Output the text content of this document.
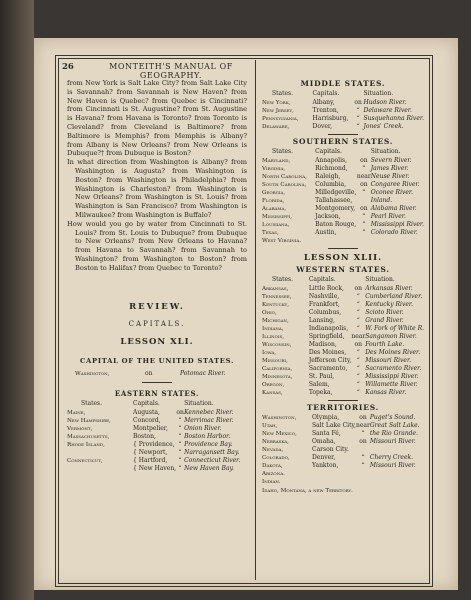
26	MONTEITH'S MANUAL OF GEOGRAPHY.

from New York is Salt Lake City? from Salt Lake City is Savannah? from Savannah is New Haven? from New Haven is Quebec? from Quebec is Cincinnati? from Cincinnati is St. Augustine? from St. Augustine is Havana? from Havana is Toronto? from Toronto is Cleveland? from Cleveland is Baltimore? from Baltimore is Memphis? from Memphis is Albany? from Albany is New Orleans? from New Orleans is Dubuque?† from Dubuque is Boston?

In what direction from Washington is Albany? from Washington is Augusta? from Washington is Boston? from Washington is Philadelphia? from Washington is Charleston? from Washington is New Orleans? from Washington is St. Louis? from Washington is San Francisco? from Washington is Milwaukee? from Washington is Buffalo?

How would you go by water from Cincinnati to St. Louis? from St. Louis to Dubuque? from Dubuque to New Orleans? from New Orleans to Havana? from Havana to Savannah? from Savannah to Washington? from Washington to Boston? from Boston to Halifax? from Quebec to Toronto?

REVIEW.
CAPITALS.
LESSON XLI.
CAPITAL OF THE UNITED STATES.
Washington,	on	Potomac River.
EASTERN STATES.
States.	Capitals.		Situation.
Maine,	Augusta,	on	Kennebec River.
New Hampshire,	Concord,	“	Merrimac River.
Vermont,	Montpelier,	“	Onion River.
Massachusetts,	Boston,	“	Boston Harbor.
Rhode Island,	{ Providence,	“	Providence Bay.
	{ Newport,	“	Narragansett Bay.
Connecticut,	{ Hartford,	“	Connecticut River.
	{ New Haven,	“	New Haven Bay.
MIDDLE STATES.
States.	Capitals.		Situation.
New York,	Albany,	on	Hudson River.
New Jersey,	Trenton,	“	Delaware River.
Pennsylvania,	Harrisburg,	“	Susquehanna River.
Delaware,	Dover,	“	Jones' Creek.
SOUTHERN STATES.
States.	Capitals.		Situation.
Maryland,	Annapolis,	on	Severn River.
Virginia,	Richmond,	“	James River.
North Carolina,	Raleigh,	near	Neuse River.
South Carolina,	Columbia,	on	Congaree River.
Georgia,	Milledgeville,	“	Oconee River.
Florida,	Tallahassee,		Inland.
Alabama,	Montgomery,	on	Alabama River.
Mississippi,	Jackson,	“	Pearl River.
Louisiana,	Baton Rouge,	“	Mississippi River.
Texas,	Austin,	“	Colorado River.
West Virginia.			
LESSON XLII.
WESTERN STATES.
States.	Capitals.		Situation.
Arkansas,	Little Rock,	on	Arkansas River.
Tennessee,	Nashville,	“	Cumberland River.
Kentucky,	Frankfort,	“	Kentucky River.
Ohio,	Columbus,	“	Scioto River.
Michigan,	Lansing,	“	Grand River.
Indiana,	Indianapolis,	“	W. Fork of White R.
Illinois,	Springfield,	near	Sangamon River.
Wisconsin,	Madison,	on	Fourth Lake.
Iowa,	Des Moines,	“	Des Moines River.
Missouri,	Jefferson City,	“	Missouri River.
California,	Sacramento,	“	Sacramento River.
Minnesota,	St. Paul,	“	Mississippi River.
Oregon,	Salem,	“	Willamette River.
Kansas,	Topeka,	“	Kansas River.
TERRITORIES.
Washington,	Olympia,	on	Puget's Sound.
Utah,	Salt Lake City,	near	Great Salt Lake.
New Mexico,	Santa Fé,	“	the Rio Grande.
Nebraska,	Omaha,	on	Missouri River.
Nevada,	Carson City.		
Colorado,	Denver,	“	Cherry Creek.
Dakota,	Yankton,	“	Missouri River.
Arizona.			
Indian.			
Idaho, Montana, a new Territory.
